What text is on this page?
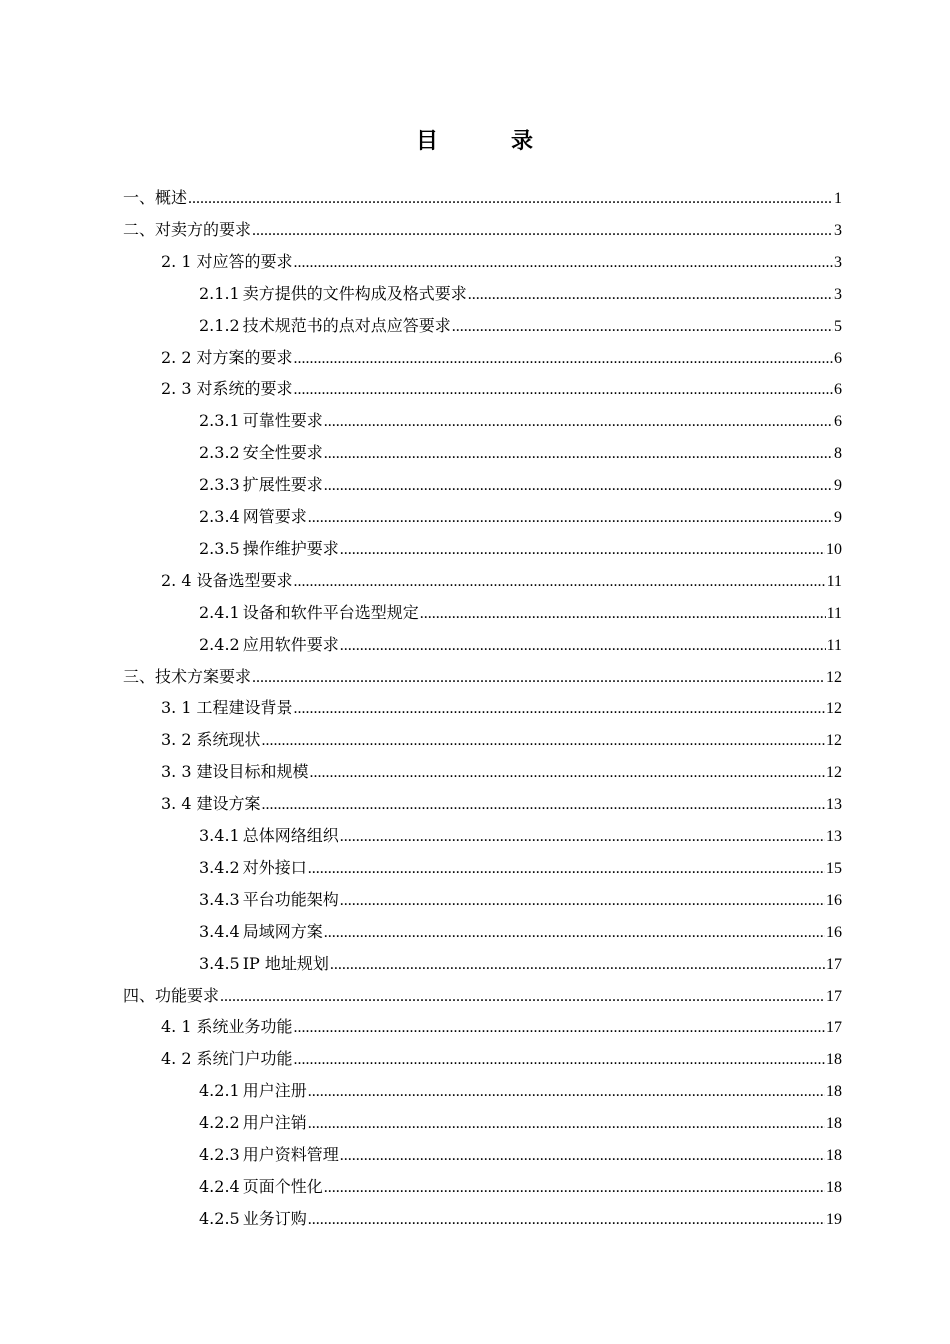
目	录
一、 概述 .....	1
二、 对卖方的要求 .....	3
2. 1 对应答的要求 .....	3
2.1.1 卖方提供的文件构成及格式要求 .....	3
2.1.2 技术规范书的点对点应答要求 .....	5
2. 2 对方案的要求 .....	6
2. 3 对系统的要求 .....	6
2.3.1 可靠性要求 .....	6
2.3.2 安全性要求 .....	8
2.3.3 扩展性要求 .....	9
2.3.4 网管要求 .....	9
2.3.5 操作维护要求 .....	10
2. 4 设备选型要求 .....	11
2.4.1 设备和软件平台选型规定 .....	11
2.4.2 应用软件要求 .....	11
三、 技术方案要求 .....	12
3. 1 工程建设背景 .....	12
3. 2 系统现状 .....	12
3. 3 建设目标和规模 .....	12
3. 4 建设方案 .....	13
3.4.1 总体网络组织 .....	13
3.4.2 对外接口 .....	15
3.4.3 平台功能架构 .....	16
3.4.4 局域网方案 .....	16
3.4.5 IP 地址规划 .....	17
四、 功能要求 .....	17
4. 1 系统业务功能 .....	17
4. 2 系统门户功能 .....	18
4.2.1 用户注册 .....	18
4.2.2 用户注销 .....	18
4.2.3 用户资料管理 .....	18
4.2.4 页面个性化 .....	18
4.2.5 业务订购 .....	19
